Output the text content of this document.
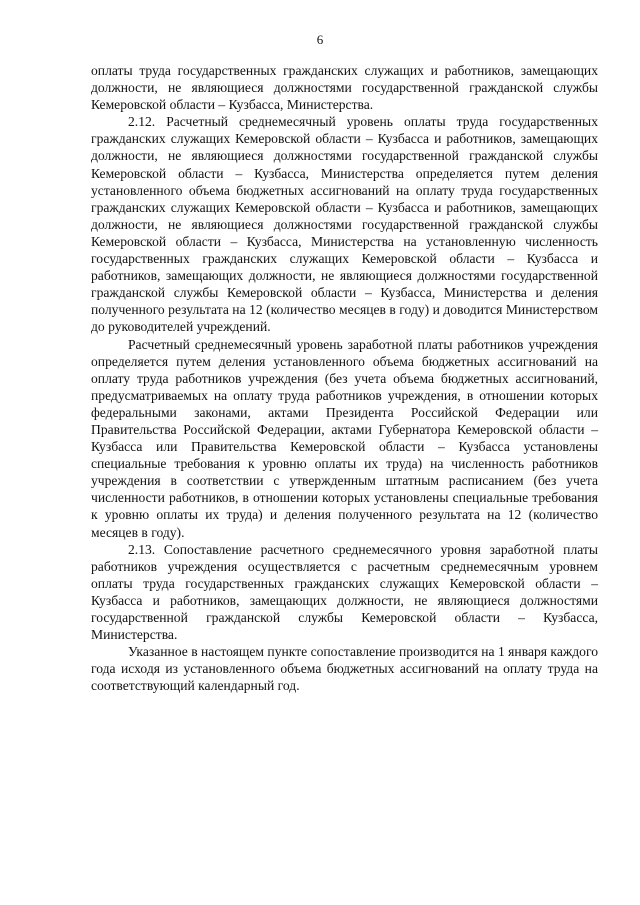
6

оплаты труда государственных гражданских служащих и работников, замещающих должности, не являющиеся должностями государственной гражданской службы Кемеровской области – Кузбасса, Министерства.

2.12. Расчетный среднемесячный уровень оплаты труда государственных гражданских служащих Кемеровской области – Кузбасса и работников, замещающих должности, не являющиеся должностями государственной гражданской службы Кемеровской области – Кузбасса, Министерства определяется путем деления установленного объема бюджетных ассигнований на оплату труда государственных гражданских служащих Кемеровской области – Кузбасса и работников, замещающих должности, не являющиеся должностями государственной гражданской службы Кемеровской области – Кузбасса, Министерства на установленную численность государственных гражданских служащих Кемеровской области – Кузбасса и работников, замещающих должности, не являющиеся должностями государственной гражданской службы Кемеровской области – Кузбасса, Министерства и деления полученного результата на 12 (количество месяцев в году) и доводится Министерством до руководителей учреждений.

Расчетный среднемесячный уровень заработной платы работников учреждения определяется путем деления установленного объема бюджетных ассигнований на оплату труда работников учреждения (без учета объема бюджетных ассигнований, предусматриваемых на оплату труда работников учреждения, в отношении которых федеральными законами, актами Президента Российской Федерации или Правительства Российской Федерации, актами Губернатора Кемеровской области – Кузбасса или Правительства Кемеровской области – Кузбасса установлены специальные требования к уровню оплаты их труда) на численность работников учреждения в соответствии с утвержденным штатным расписанием (без учета численности работников, в отношении которых установлены специальные требования к уровню оплаты их труда) и деления полученного результата на 12 (количество месяцев в году).

2.13. Сопоставление расчетного среднемесячного уровня заработной платы работников учреждения осуществляется с расчетным среднемесячным уровнем оплаты труда государственных гражданских служащих Кемеровской области – Кузбасса и работников, замещающих должности, не являющиеся должностями государственной гражданской службы Кемеровской области – Кузбасса, Министерства.

Указанное в настоящем пункте сопоставление производится на 1 января каждого года исходя из установленного объема бюджетных ассигнований на оплату труда на соответствующий календарный год.
